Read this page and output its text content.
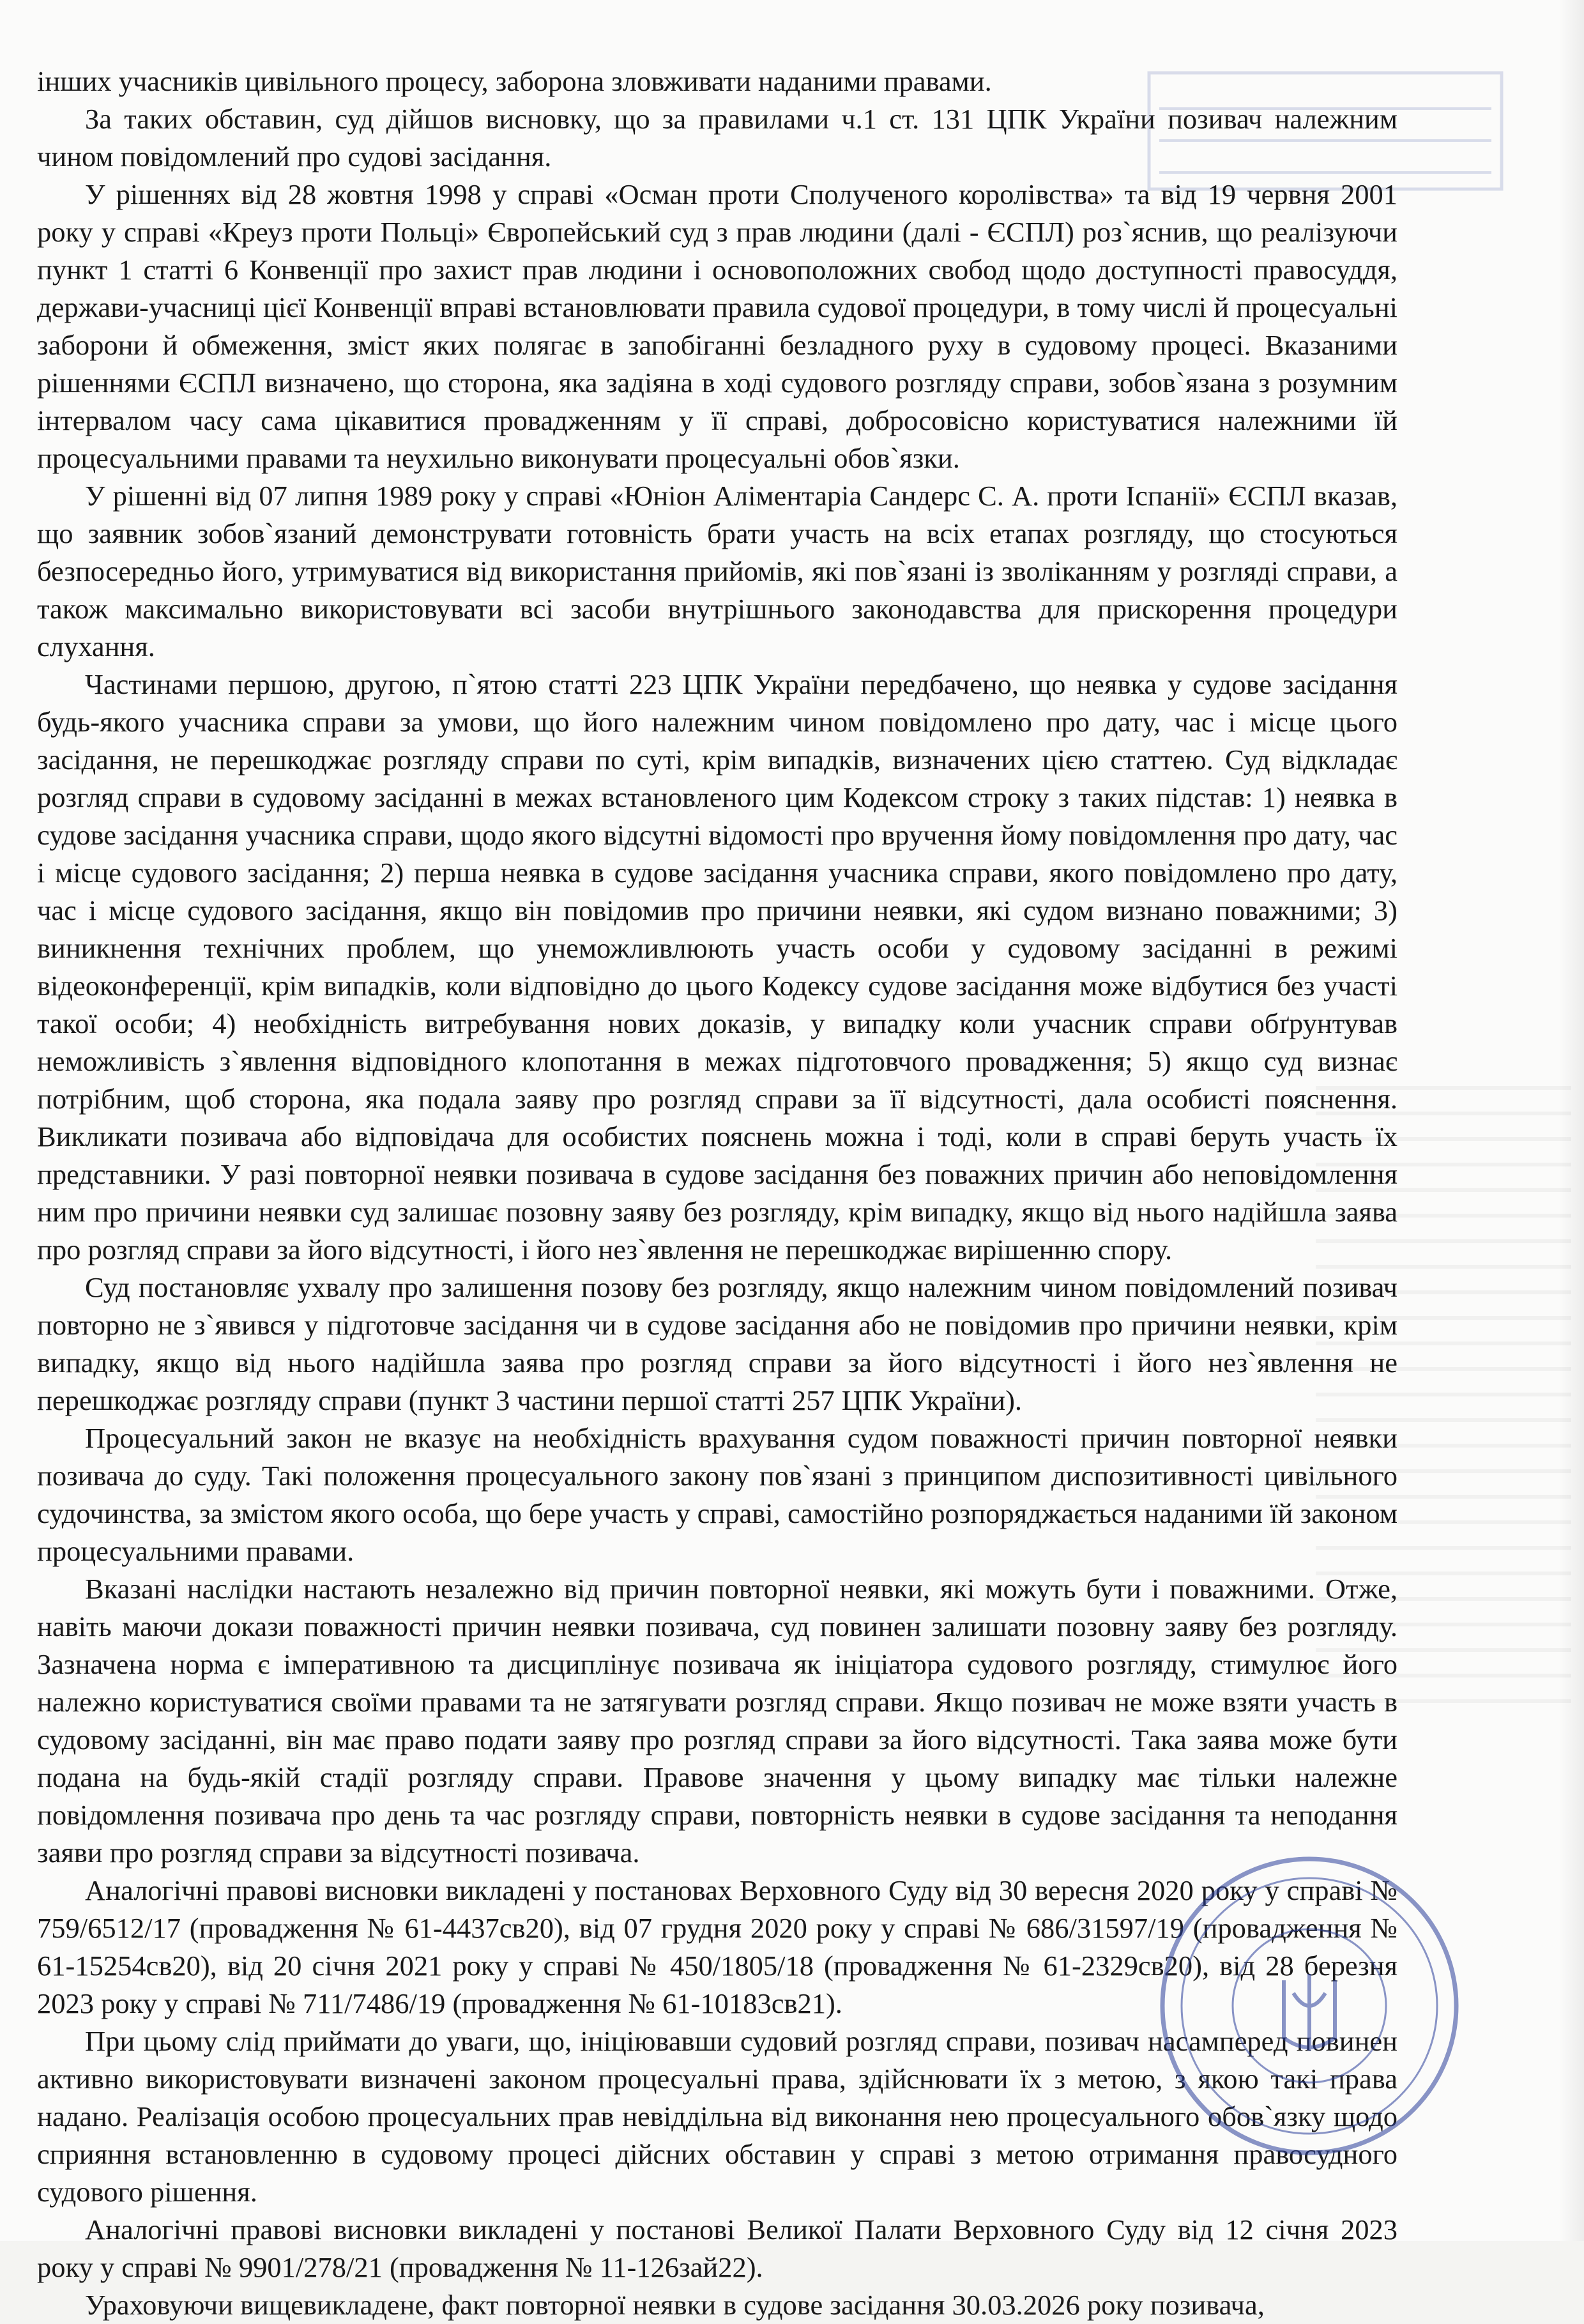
інших учасників цивільного процесу, заборона зловживати наданими правами.

За таких обставин, суд дійшов висновку, що за правилами ч.1 ст. 131 ЦПК України позивач належним чином повідомлений про судові засідання.

У рішеннях від 28 жовтня 1998 у справі «Осман проти Сполученого королівства» та від 19 червня 2001 року у справі «Креуз проти Польці» Європейський суд з прав людини (далі - ЄСПЛ) роз`яснив, що реалізуючи пункт 1 статті 6 Конвенції про захист прав людини і основоположних свобод щодо доступності правосуддя, держави-учасниці цієї Конвенції вправі встановлювати правила судової процедури, в тому числі й процесуальні заборони й обмеження, зміст яких полягає в запобіганні безладного руху в судовому процесі. Вказаними рішеннями ЄСПЛ визначено, що сторона, яка задіяна в ході судового розгляду справи, зобов`язана з розумним інтервалом часу сама цікавитися провадженням у її справі, добросовісно користуватися належними їй процесуальними правами та неухильно виконувати процесуальні обов`язки.

У рішенні від 07 липня 1989 року у справі «Юніон Аліментаріа Сандерс С. А. проти Іспанії» ЄСПЛ вказав, що заявник зобов`язаний демонструвати готовність брати участь на всіх етапах розгляду, що стосуються безпосередньо його, утримуватися від використання прийомів, які пов`язані із зволіканням у розгляді справи, а також максимально використовувати всі засоби внутрішнього законодавства для прискорення процедури слухання.

Частинами першою, другою, п`ятою статті 223 ЦПК України передбачено, що неявка у судове засідання будь-якого учасника справи за умови, що його належним чином повідомлено про дату, час і місце цього засідання, не перешкоджає розгляду справи по суті, крім випадків, визначених цією статтею. Суд відкладає розгляд справи в судовому засіданні в межах встановленого цим Кодексом строку з таких підстав: 1) неявка в судове засідання учасника справи, щодо якого відсутні відомості про вручення йому повідомлення про дату, час і місце судового засідання; 2) перша неявка в судове засідання учасника справи, якого повідомлено про дату, час і місце судового засідання, якщо він повідомив про причини неявки, які судом визнано поважними; 3) виникнення технічних проблем, що унеможливлюють участь особи у судовому засіданні в режимі відеоконференції, крім випадків, коли відповідно до цього Кодексу судове засідання може відбутися без участі такої особи; 4) необхідність витребування нових доказів, у випадку коли учасник справи обґрунтував неможливість з`явлення відповідного клопотання в межах підготовчого провадження; 5) якщо суд визнає потрібним, щоб сторона, яка подала заяву про розгляд справи за її відсутності, дала особисті пояснення. Викликати позивача або відповідача для особистих пояснень можна і тоді, коли в справі беруть участь їх представники. У разі повторної неявки позивача в судове засідання без поважних причин або неповідомлення ним про причини неявки суд залишає позовну заяву без розгляду, крім випадку, якщо від нього надійшла заява про розгляд справи за його відсутності, і його нез`явлення не перешкоджає вирішенню спору.

Суд постановляє ухвалу про залишення позову без розгляду, якщо належним чином повідомлений позивач повторно не з`явився у підготовче засідання чи в судове засідання або не повідомив про причини неявки, крім випадку, якщо від нього надійшла заява про розгляд справи за його відсутності і його нез`явлення не перешкоджає розгляду справи (пункт 3 частини першої статті 257 ЦПК України).

Процесуальний закон не вказує на необхідність врахування судом поважності причин повторної неявки позивача до суду. Такі положення процесуального закону пов`язані з принципом диспозитивності цивільного судочинства, за змістом якого особа, що бере участь у справі, самостійно розпоряджається наданими їй законом процесуальними правами.

Вказані наслідки настають незалежно від причин повторної неявки, які можуть бути і поважними. Отже, навіть маючи докази поважності причин неявки позивача, суд повинен залишати позовну заяву без розгляду. Зазначена норма є імперативною та дисциплінує позивача як ініціатора судового розгляду, стимулює його належно користуватися своїми правами та не затягувати розгляд справи. Якщо позивач не може взяти участь в судовому засіданні, він має право подати заяву про розгляд справи за його відсутності. Така заява може бути подана на будь-якій стадії розгляду справи. Правове значення у цьому випадку має тільки належне повідомлення позивача про день та час розгляду справи, повторність неявки в судове засідання та неподання заяви про розгляд справи за відсутності позивача.

Аналогічні правові висновки викладені у постановах Верховного Суду від 30 вересня 2020 року у справі № 759/6512/17 (провадження № 61-4437св20), від 07 грудня 2020 року у справі № 686/31597/19 (провадження № 61-15254св20), від 20 січня 2021 року у справі № 450/1805/18 (провадження № 61-2329св20), від 28 березня 2023 року у справі № 711/7486/19 (провадження № 61-10183св21).

При цьому слід приймати до уваги, що, ініціювавши судовий розгляд справи, позивач насамперед повинен активно використовувати визначені законом процесуальні права, здійснювати їх з метою, з якою такі права надано. Реалізація особою процесуальних прав невіддільна від виконання нею процесуального обов`язку щодо сприяння встановленню в судовому процесі дійсних обставин у справі з метою отримання правосудного судового рішення.

Аналогічні правові висновки викладені у постанові Великої Палати Верховного Суду від 12 січня 2023 року у справі № 9901/278/21 (провадження № 11-126зай22).

Ураховуючи вищевикладене, факт повторної неявки в судове засідання 30.03.2026 року позивача,
